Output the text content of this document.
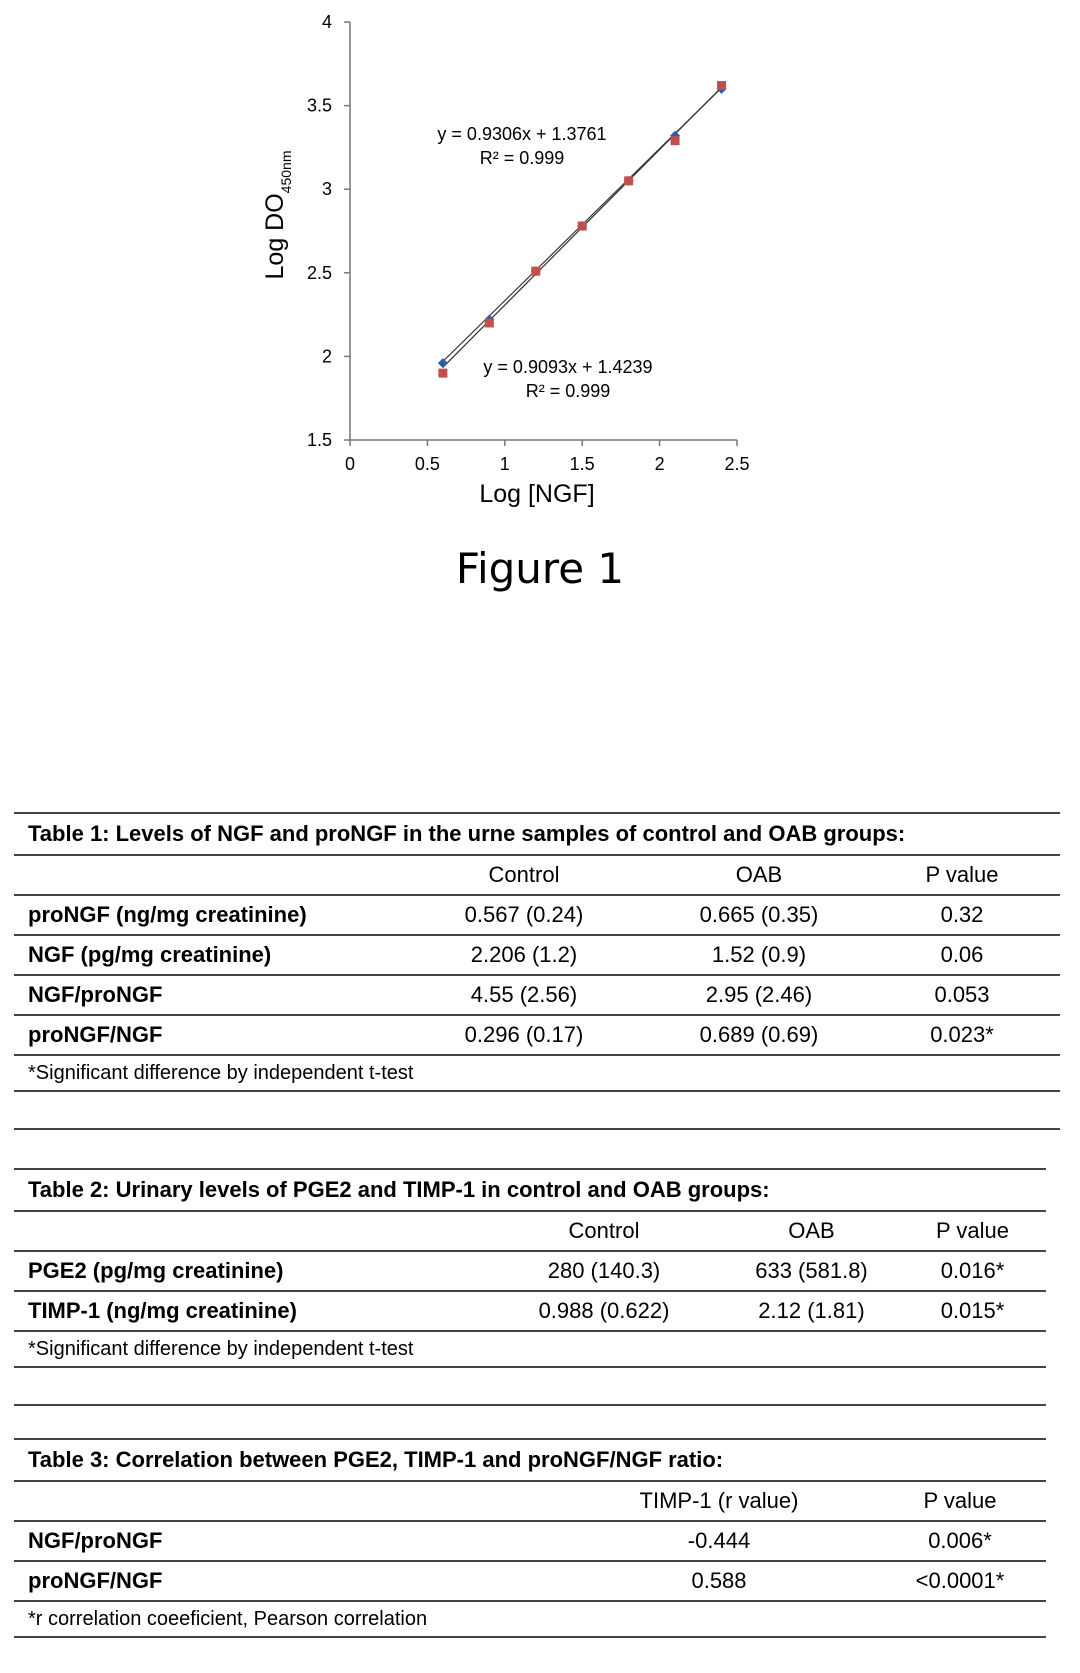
0	0.5	1	1.5	2	2.5
1.5
2
2.5
3
3.5
4
Log [NGF]
Log $DO_{450nm}$
y = 0.9306x + 1.3761
R² = 0.999
y = 0.9093x + 1.4239
R² = 0.999
Figure 1
Table 1: Levels of NGF and proNGF in the urne samples of control and OAB groups:			
	Control	OAB	P value
proNGF (ng/mg creatinine)	0.567 (0.24)	0.665 (0.35)	0.32
NGF (pg/mg creatinine)	2.206 (1.2)	1.52 (0.9)	0.06
NGF/proNGF	4.55 (2.56)	2.95 (2.46)	0.053
proNGF/NGF	0.296 (0.17)	0.689 (0.69)	0.023*
*Significant difference by independent t-test			

Table 2: Urinary levels of PGE2 and TIMP-1 in control and OAB groups:			
	Control	OAB	P value
PGE2 (pg/mg creatinine)	280 (140.3)	633 (581.8)	0.016*
TIMP-1 (ng/mg creatinine)	0.988 (0.622)	2.12 (1.81)	0.015*
*Significant difference by independent t-test			

Table 3: Correlation between PGE2, TIMP-1 and proNGF/NGF ratio:		
	TIMP-1 (r value)	P value
NGF/proNGF	-0.444	0.006*
proNGF/NGF	0.588	<0.0001*
*r correlation coeeficient, Pearson correlation		
